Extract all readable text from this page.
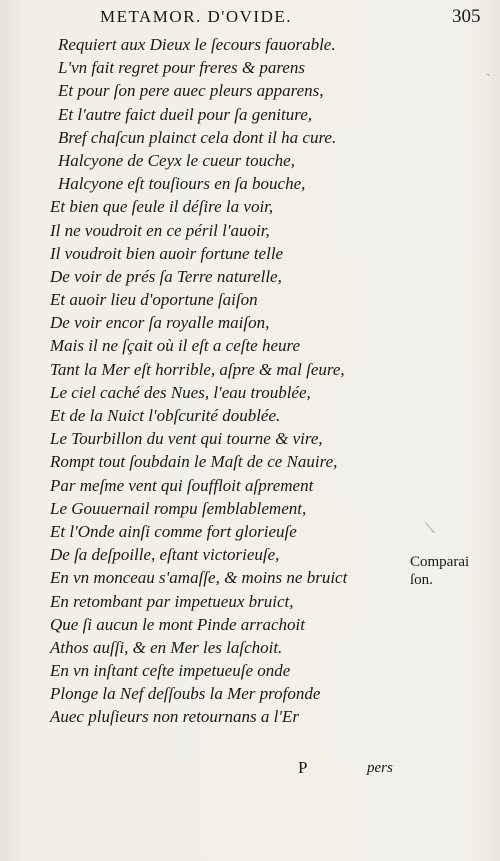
METAMOR. D'OVIDE.	305
Requiert aux Dieux le ſecours fauorable.
L'vn fait regret pour freres & parens
Et pour ſon pere auec pleurs apparens,
Et l'autre faict dueil pour ſa geniture,
Bref chaſcun plainct cela dont il ha cure.
Halcyone de Ceyx le cueur touche,
Halcyone eſt touſiours en ſa bouche,
Et bien que ſeule il déſire la voir,
Il ne voudroit en ce péril l'auoir,
Il voudroit bien auoir fortune telle
De voir de prés ſa Terre naturelle,
Et auoir lieu d'oportune ſaiſon
De voir encor ſa royalle maiſon,
Mais il ne ſçait où il eſt a ceſte heure
Tant la Mer eſt horrible, aſpre & mal ſeure,
Le ciel caché des Nues, l'eau troublée,
Et de la Nuict l'obſcurité doublée.
Le Tourbillon du vent qui tourne & vire,
Rompt tout ſoubdain le Maſt de ce Nauire,
Par meſme vent qui ſouffloit aſprement
Le Gouuernail rompu ſemblablement,
Et l'Onde ainſi comme fort glorieuſe
De ſa deſpoille, eſtant victorieuſe,
En vn monceau s'amaſſe, & moins ne bruict
En retombant par impetueux bruict,
Que ſi aucun le mont Pinde arrachoit
Athos auſſi, & en Mer les laſchoit.
En vn inſtant ceſte impetueuſe onde
Plonge la Nef deſſoubs la Mer profonde
Auec pluſieurs non retournans a l'Er
Comparai
ſon.
⟍
ˎ
P	pers
